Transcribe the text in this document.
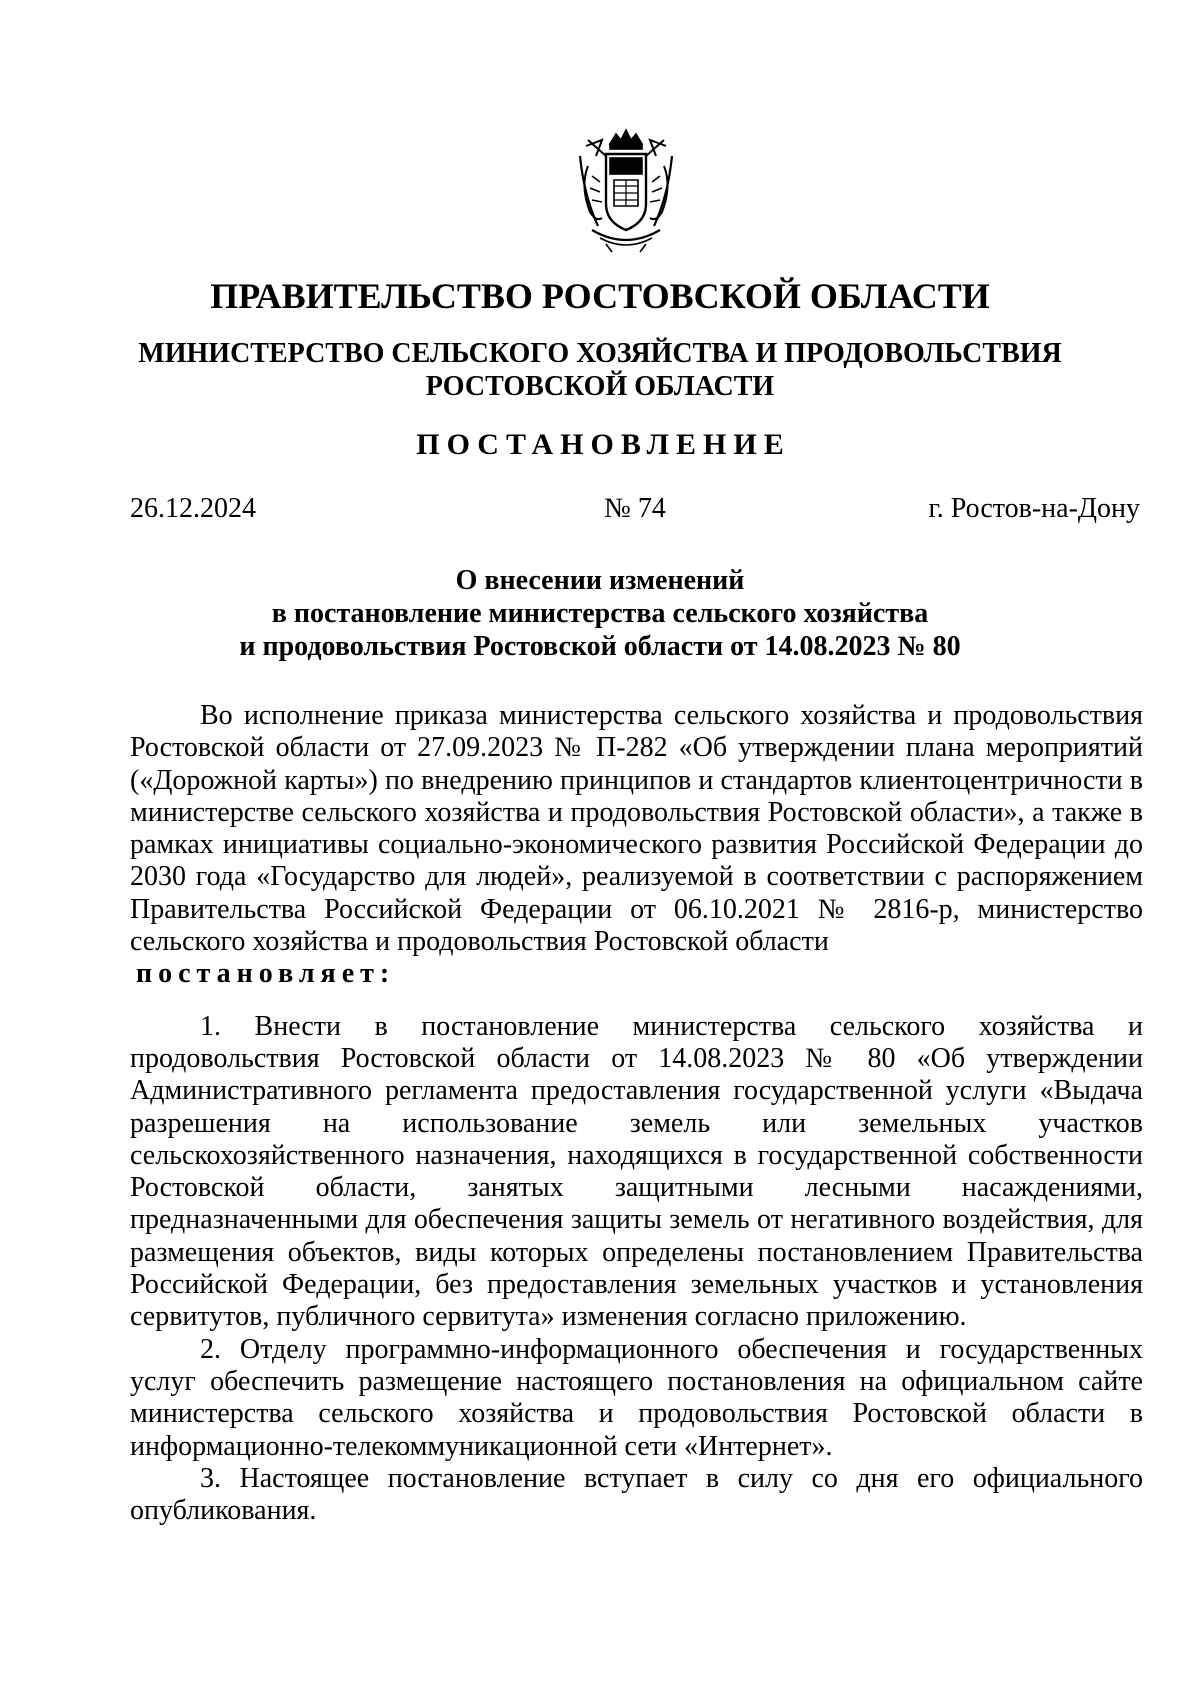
ПРАВИТЕЛЬСТВО РОСТОВСКОЙ ОБЛАСТИ
МИНИСТЕРСТВО СЕЛЬСКОГО ХОЗЯЙСТВА И ПРОДОВОЛЬСТВИЯ
РОСТОВСКОЙ ОБЛАСТИ
ПОСТАНОВЛЕНИЕ
26.12.2024	№ 74	г. Ростов-на-Дону
О внесении изменений
в постановление министерства сельского хозяйства
и продовольствия Ростовской области от 14.08.2023 № 80

Во исполнение приказа министерства сельского хозяйства и продовольствия Ростовской области от 27.09.2023 № П-282 «Об утверждении плана мероприятий («Дорожной карты») по внедрению принципов и стандартов клиентоцентричности в министерстве сельского хозяйства и продовольствия Ростовской области», а также в рамках инициативы социально-экономического развития Российской Федерации до 2030 года «Государство для людей», реализуемой в соответствии с распоряжением Правительства Российской Федерации от 06.10.2021 № 2816-р, министерство сельского хозяйства и продовольствия Ростовской области

постановляет:

1. Внести в постановление министерства сельского хозяйства и продовольствия Ростовской области от 14.08.2023 № 80 «Об утверждении Административного регламента предоставления государственной услуги «Выдача разрешения на использование земель или земельных участков сельскохозяйственного назначения, находящихся в государственной собственности Ростовской области, занятых защитными лесными насаждениями, предназначенными для обеспечения защиты земель от негативного воздействия, для размещения объектов, виды которых определены постановлением Правительства Российской Федерации, без предоставления земельных участков и установления сервитутов, публичного сервитута» изменения согласно приложению.

2. Отделу программно-информационного обеспечения и государственных услуг обеспечить размещение настоящего постановления на официальном сайте министерства сельского хозяйства и продовольствия Ростовской области в информационно-телекоммуникационной сети «Интернет».

3. Настоящее постановление вступает в силу со дня его официального опубликования.
